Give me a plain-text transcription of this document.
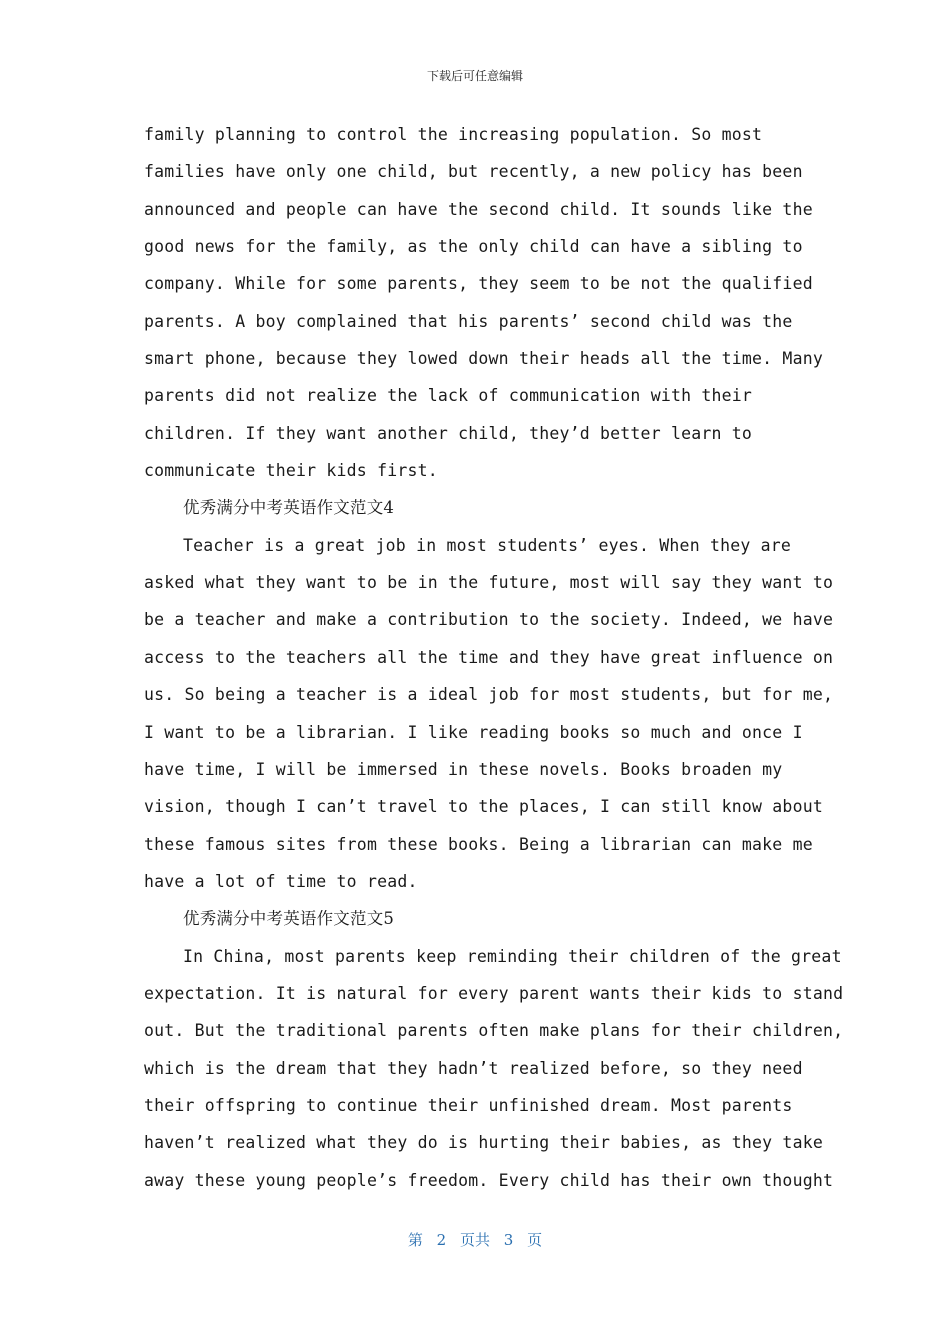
下载后可任意编辑
family planning to control the increasing population. So most
families have only one child, but recently, a new policy has been
announced and people can have the second child. It sounds like the
good news for the family, as the only child can have a sibling to
company. While for some parents, they seem to be not the qualified
parents. A boy complained that his parents’ second child was the
smart phone, because they lowed down their heads all the time. Many
parents did not realize the lack of communication with their
children. If they want another child, they’d better learn to
communicate their kids first.
优秀满分中考英语作文范文4
Teacher is a great job in most students’ eyes. When they are
asked what they want to be in the future, most will say they want to
be a teacher and make a contribution to the society. Indeed, we have
access to the teachers all the time and they have great influence on
us. So being a teacher is a ideal job for most students, but for me,
I want to be a librarian. I like reading books so much and once I
have time, I will be immersed in these novels. Books broaden my
vision, though I can’t travel to the places, I can still know about
these famous sites from these books. Being a librarian can make me
have a lot of time to read.
优秀满分中考英语作文范文5
In China, most parents keep reminding their children of the great
expectation. It is natural for every parent wants their kids to stand
out. But the traditional parents often make plans for their children,
which is the dream that they hadn’t realized before, so they need
their offspring to continue their unfinished dream. Most parents
haven’t realized what they do is hurting their babies, as they take
away these young people’s freedom. Every child has their own thought
第 2 页共 3 页
